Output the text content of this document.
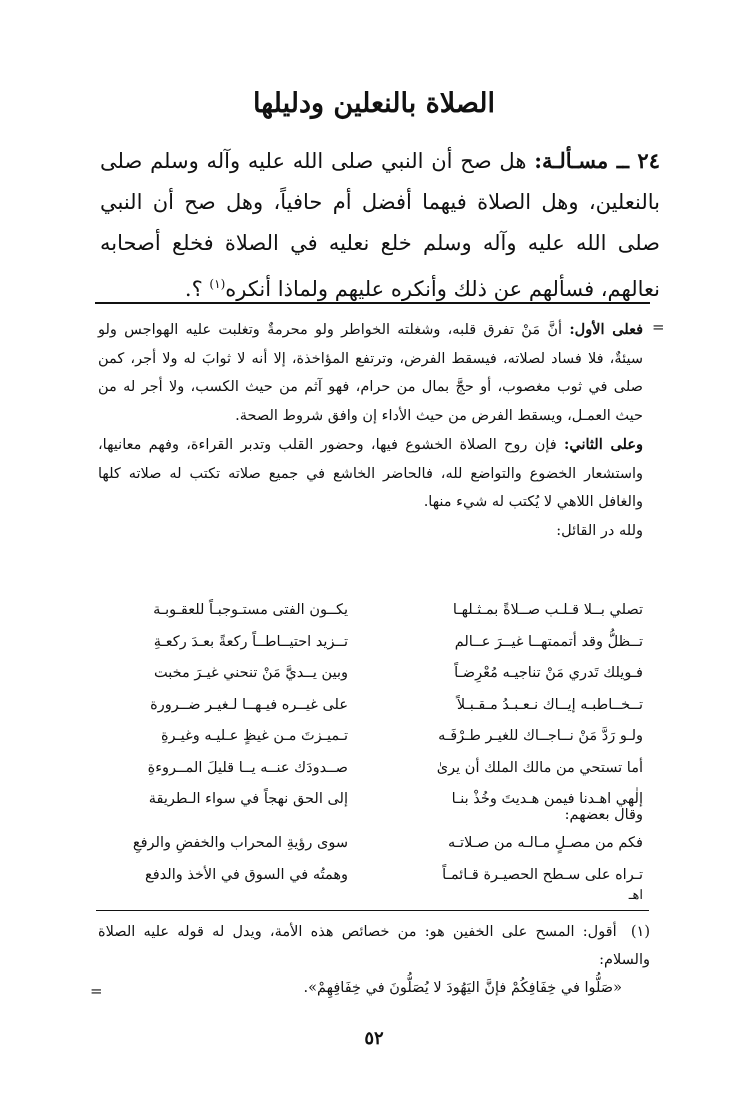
الصلاة بالنعلين ودليلها
٢٤ ــ مسـألـة: هل صح أن النبي صلى الله عليه وآله وسلم صلى بالنعلين، وهل الصلاة فيهما أفضل أم حافياً، وهل صح أن النبي صلى الله عليه وآله وسلم خلع نعليه في الصلاة فخلع أصحابه نعالهم، فسألهم عن ذلك وأنكره عليهم ولماذا أنكره$^{(١)}$ ؟.
=

فعلى الأول: أنَّ مَنْ تفرق قلبه، وشغلته الخواطر ولو محرمةٌ وتغلبت عليه الهواجس ولو سيئةٌ، فلا فساد لصلاته، فيسقط الفرض، وترتفع المؤاخذة، إلا أنه لا ثوابَ له ولا أجر، كمن صلى في ثوب مغصوب، أو حجَّ بمال من حرام، فهو آثم من حيث الكسب، ولا أجر له من حيث العمـل، ويسقط الفرض من حيث الأداء إن وافق شروط الصحة.

وعلى الثاني: فإن روح الصلاة الخشوع فيها، وحضور القلب وتدبر القراءة، وفهم معانيها، واستشعار الخضوع والتواضع لله، فالحاضر الخاشع في جميع صلاته تكتب له صلاته كلها والغافل اللاهي لا يُكتب له شيء منها.

ولله در القائل:

تصلي بــلا قـلـب صــلاةً بمـثـلهـا
يكــون الفتى مستـوجبـاً للعقـوبـة
تــظلُّ وقد أتممتهــا غيــرَ عــالم
تــزيد احتيــاطــاً ركعةً بعـدَ ركعـةِ
فـويلك تَدري مَنْ تناجيـه مُعْرِضـاً
وبين يــديَّ مَنْ تنحني غيـرَ مخبت
تــخــاطبـه إيــاك نـعـبـدُ مـقـبـلاً
على غيــره فيـهــا لـغيـر ضــرورة
ولـو رَدَّ مَنْ نــاجــاك للغيـر طـرْفَـه
تـميـزتَ مـن غيظٍ عـليـه وغيـرةِ
أما تستحي من مالك الملك أن يرىٰ
صــدودَك عنــه يــا قليلَ المــروءةِ
إلٰهي اهـدنا فيمن هـديتَ وخُذْ بنـا
إلى الحق نهجاً في سواء الـطريقة
وقال بعضهم:
فكم من مصـلٍ مـالـه من صـلاتـه
سوى رؤيةِ المحراب والخفضِ والرفعِ
تـراه على سـطح الحصيـرة قـائمـاً
وهمتُه في السوق في الأخذ والدفع
اهـ
(١) أقول: المسح على الخفين هو: من خصائص هذه الأمة، ويدل له قوله عليه الصلاة والسلام:
«صَلُّوا في خِفَافِكُمْ فإنَّ اليَهُودَ لا يُصَلُّونَ في خِفَافِهِمْ».
=
٥٢
